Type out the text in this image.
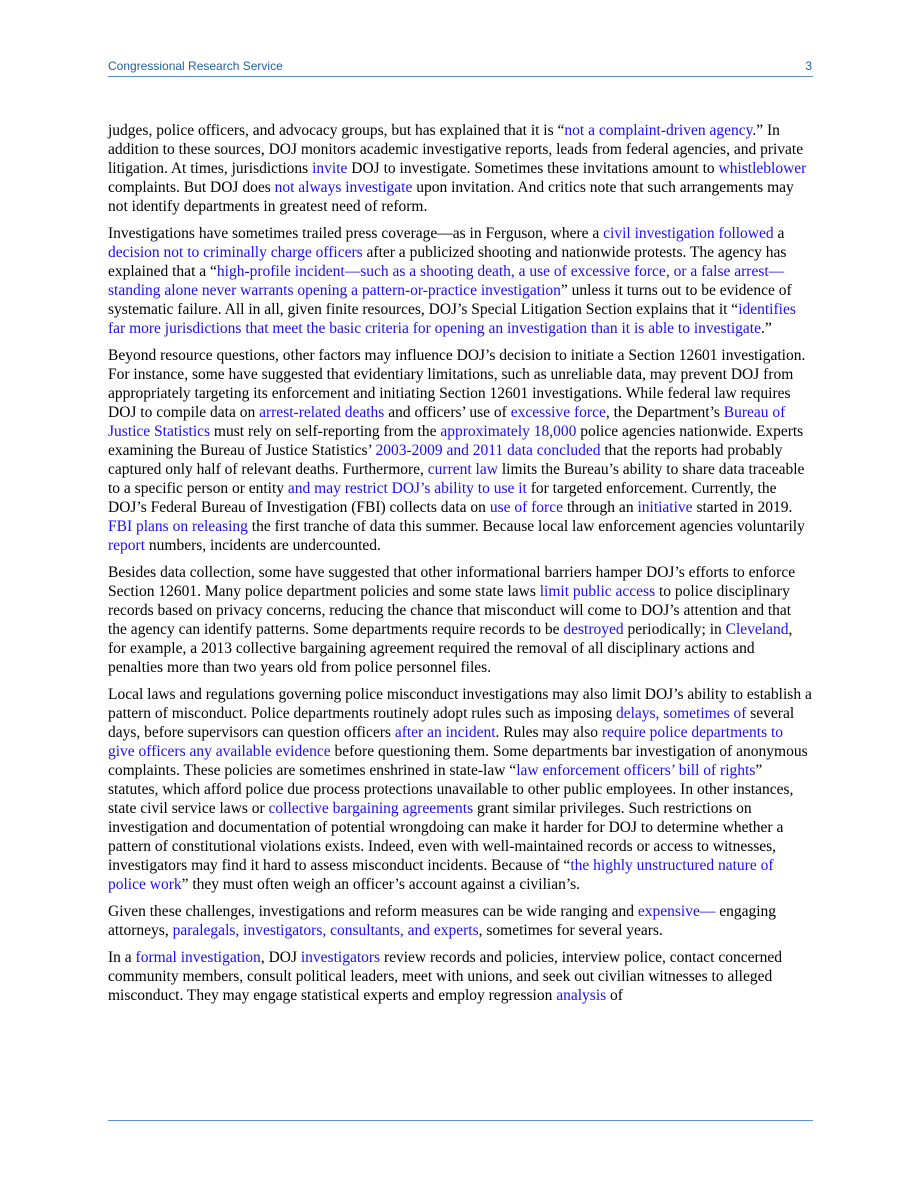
Congressional Research Service	3

judges, police officers, and advocacy groups, but has explained that it is “not a complaint-driven agency.” In addition to these sources, DOJ monitors academic investigative reports, leads from federal agencies, and private litigation. At times, jurisdictions invite DOJ to investigate. Sometimes these invitations amount to whistleblower complaints. But DOJ does not always investigate upon invitation. And critics note that such arrangements may not identify departments in greatest need of reform.

Investigations have sometimes trailed press coverage—as in Ferguson, where a civil investigation followed a decision not to criminally charge officers after a publicized shooting and nationwide protests. The agency has explained that a “high-profile incident—such as a shooting death, a use of excessive force, or a false arrest—standing alone never warrants opening a pattern-or-practice investigation” unless it turns out to be evidence of systematic failure. All in all, given finite resources, DOJ’s Special Litigation Section explains that it “identifies far more jurisdictions that meet the basic criteria for opening an investigation than it is able to investigate.”

Beyond resource questions, other factors may influence DOJ’s decision to initiate a Section 12601 investigation. For instance, some have suggested that evidentiary limitations, such as unreliable data, may prevent DOJ from appropriately targeting its enforcement and initiating Section 12601 investigations. While federal law requires DOJ to compile data on arrest-related deaths and officers’ use of excessive force, the Department’s Bureau of Justice Statistics must rely on self-reporting from the approximately 18,000 police agencies nationwide. Experts examining the Bureau of Justice Statistics’ 2003-2009 and 2011 data concluded that the reports had probably captured only half of relevant deaths. Furthermore, current law limits the Bureau’s ability to share data traceable to a specific person or entity and may restrict DOJ’s ability to use it for targeted enforcement. Currently, the DOJ’s Federal Bureau of Investigation (FBI) collects data on use of force through an initiative started in 2019. FBI plans on releasing the first tranche of data this summer. Because local law enforcement agencies voluntarily report numbers, incidents are undercounted.

Besides data collection, some have suggested that other informational barriers hamper DOJ’s efforts to enforce Section 12601. Many police department policies and some state laws limit public access to police disciplinary records based on privacy concerns, reducing the chance that misconduct will come to DOJ’s attention and that the agency can identify patterns. Some departments require records to be destroyed periodically; in Cleveland, for example, a 2013 collective bargaining agreement required the removal of all disciplinary actions and penalties more than two years old from police personnel files.

Local laws and regulations governing police misconduct investigations may also limit DOJ’s ability to establish a pattern of misconduct. Police departments routinely adopt rules such as imposing delays, sometimes of several days, before supervisors can question officers after an incident. Rules may also require police departments to give officers any available evidence before questioning them. Some departments bar investigation of anonymous complaints. These policies are sometimes enshrined in state-law “law enforcement officers’ bill of rights” statutes, which afford police due process protections unavailable to other public employees. In other instances, state civil service laws or collective bargaining agreements grant similar privileges. Such restrictions on investigation and documentation of potential wrongdoing can make it harder for DOJ to determine whether a pattern of constitutional violations exists. Indeed, even with well-maintained records or access to witnesses, investigators may find it hard to assess misconduct incidents. Because of “the highly unstructured nature of police work” they must often weigh an officer’s account against a civilian’s.

Given these challenges, investigations and reform measures can be wide ranging and expensive— engaging attorneys, paralegals, investigators, consultants, and experts, sometimes for several years.

In a formal investigation, DOJ investigators review records and policies, interview police, contact concerned community members, consult political leaders, meet with unions, and seek out civilian witnesses to alleged misconduct. They may engage statistical experts and employ regression analysis of
